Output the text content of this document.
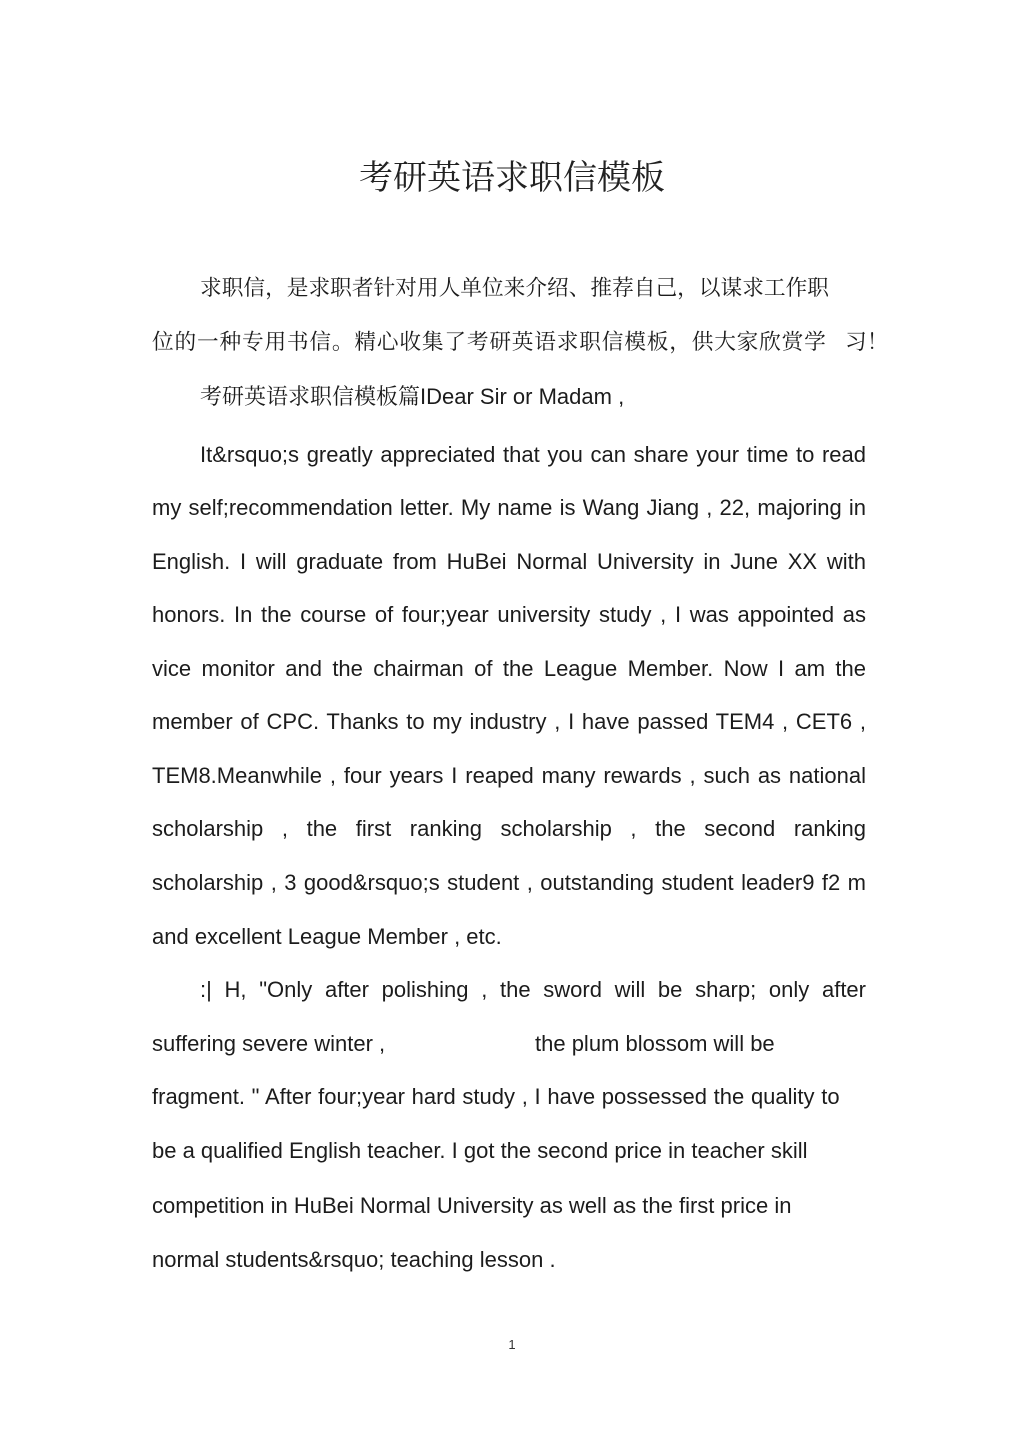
考研英语求职信模板
求职信，是求职者针对用人单位来介绍、推荐自己，以谋求工作职
位的一种专用书信。精心收集了考研英语求职信模板，供大家欣赏学 习！
考研英语求职信模板篇IDear Sir or Madam ,
It&rsquo;s greatly appreciated that you can share your time to read
my self;recommendation letter. My name is Wang Jiang , 22, majoring in
English. I will graduate from HuBei Normal University in June XX with
honors. In the course of four;year university study , I was appointed as
vice monitor and the chairman of the League Member. Now I am the
member of CPC. Thanks to my industry , I have passed TEM4 , CET6 ,
TEM8.Meanwhile , four years I reaped many rewards , such as national
scholarship , the first ranking scholarship , the second ranking
scholarship , 3 good&rsquo;s student , outstanding student leader9 f2 m
and excellent League Member , etc.
:| H, "Only after polishing , the sword will be sharp; only after
suffering severe winter ,	the plum blossom will be
fragment. " After four;year hard study , I have possessed the quality to
be a qualified English teacher. I got the second price in teacher skill
competition in HuBei Normal University as well as the first price in
normal students&rsquo; teaching lesson .
1
